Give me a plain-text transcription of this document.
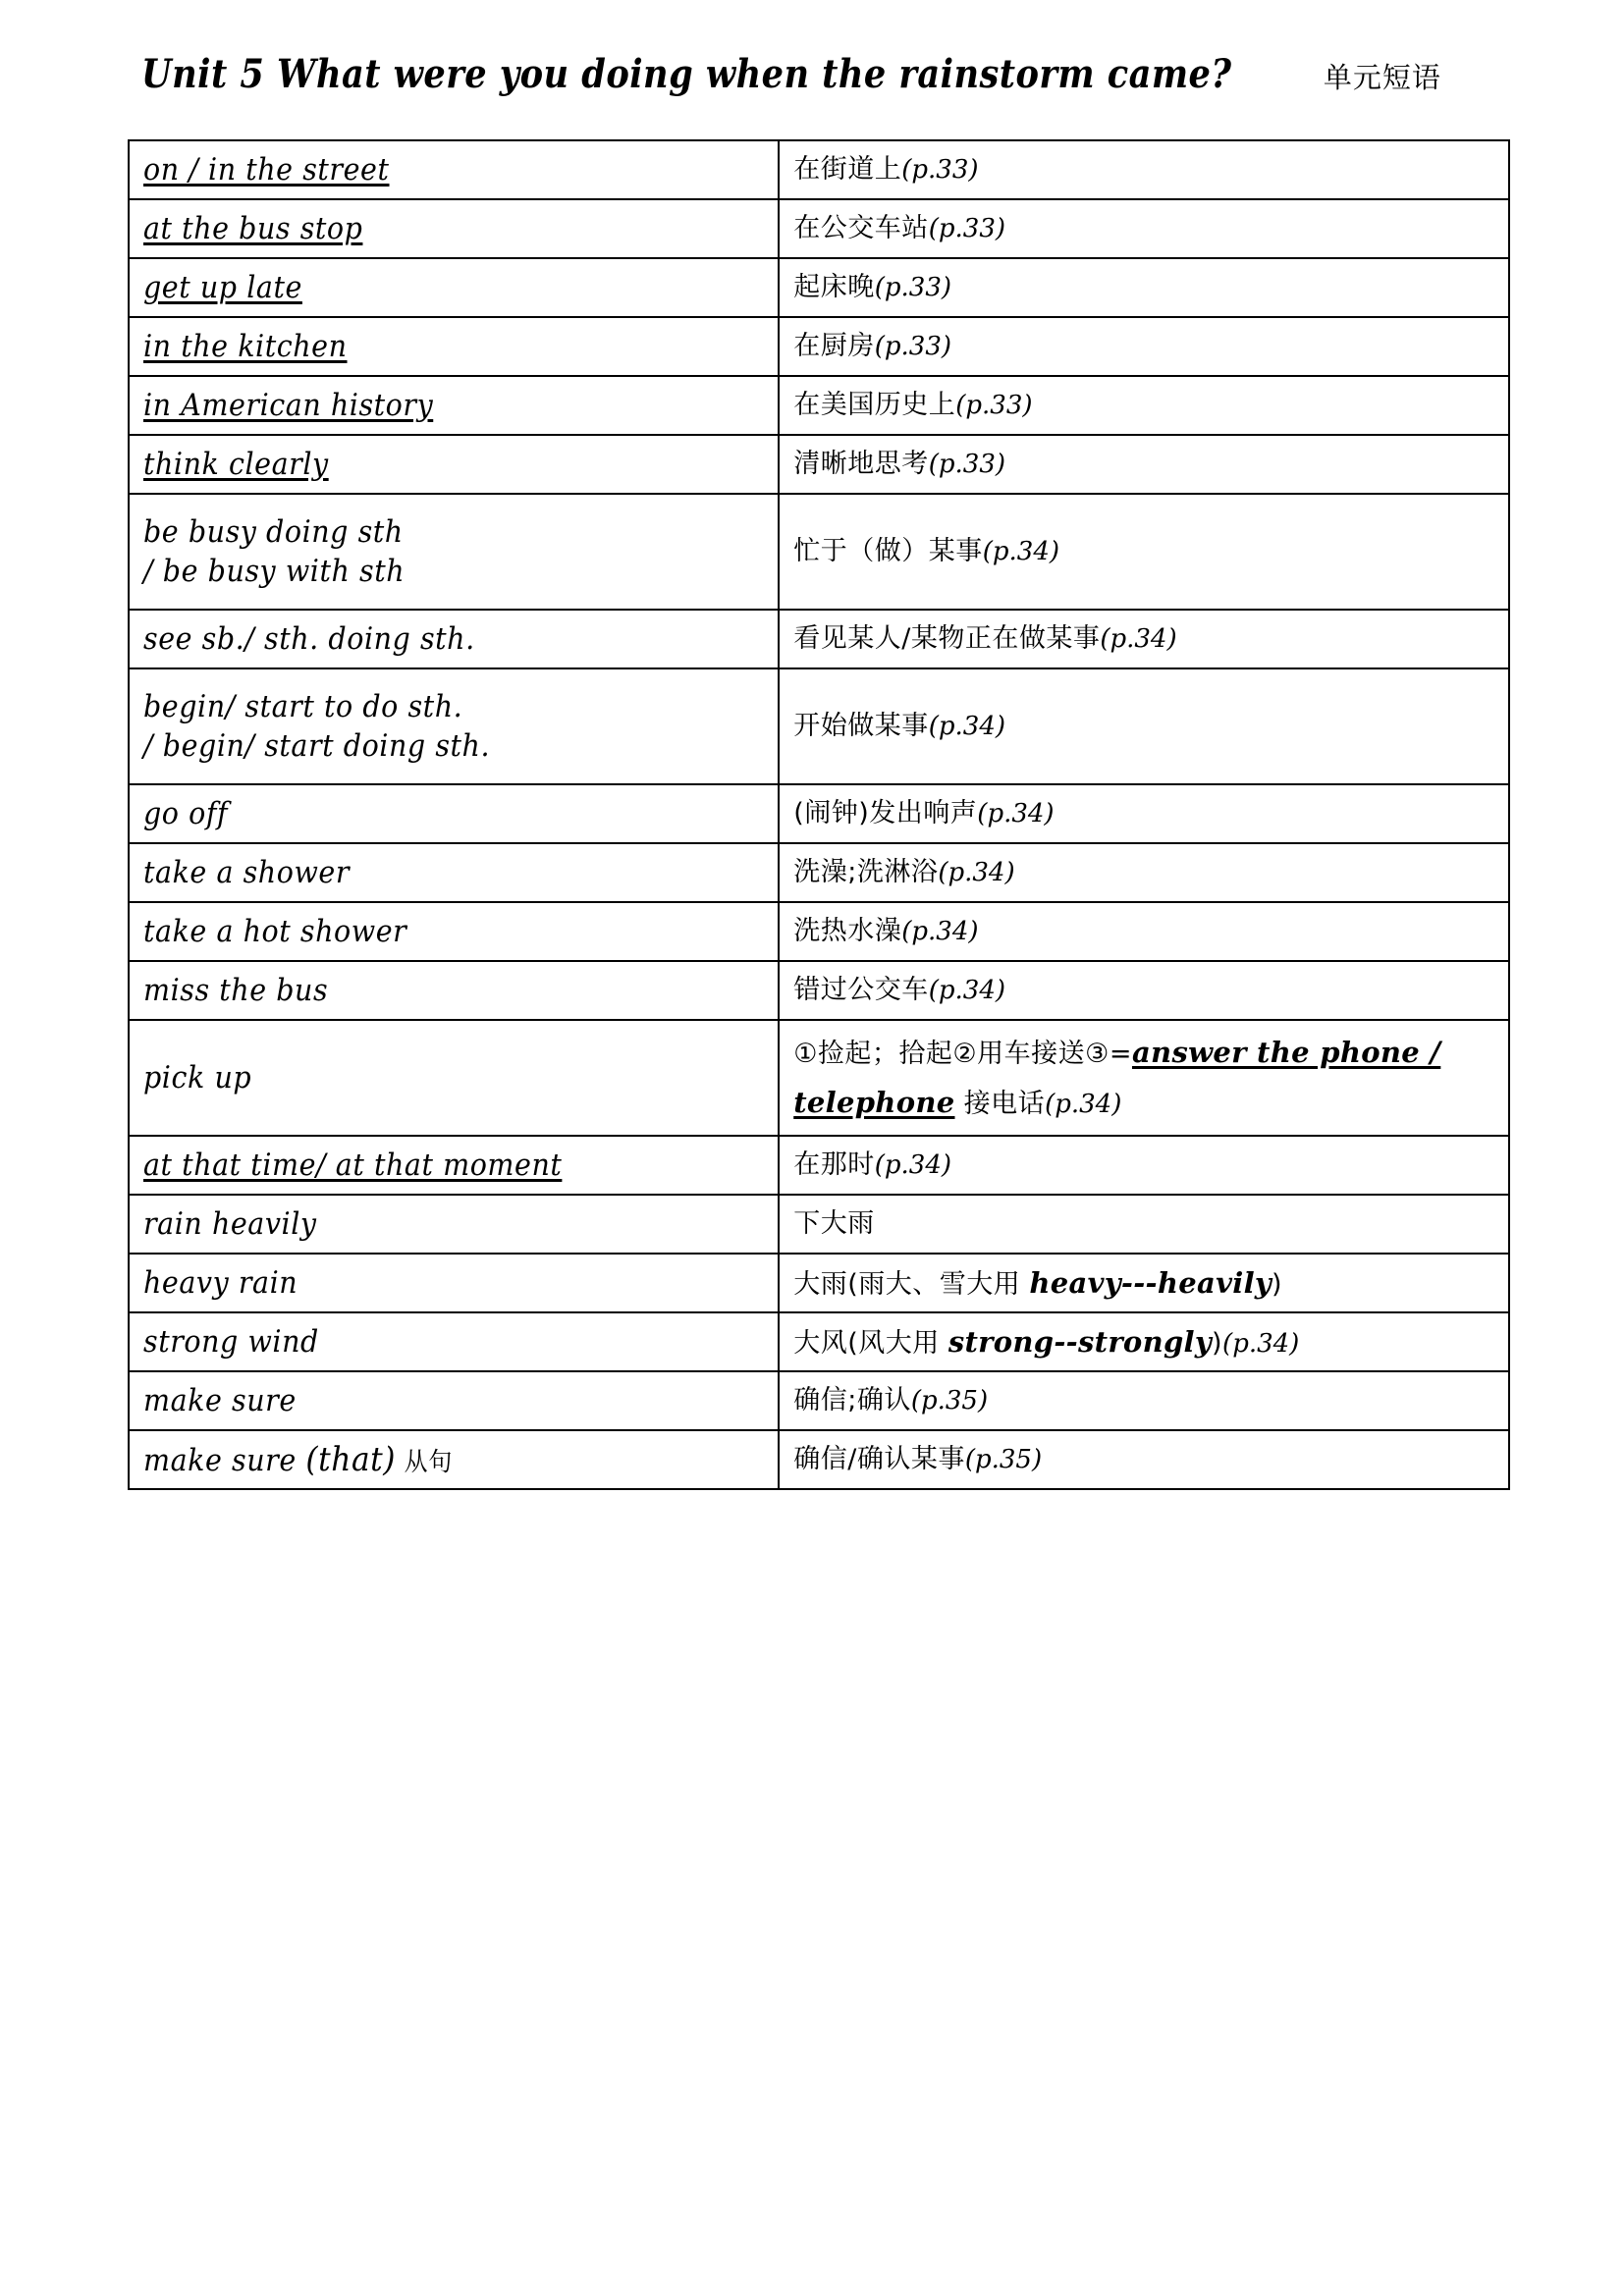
Unit 5 What were you doing when the rainstorm came?	单元短语
on / in the street	在街道上(p.33)

at the bus stop	在公交车站(p.33)

get up late	起床晚(p.33)

in the kitchen	在厨房(p.33)

in American history	在美国历史上(p.33)

think clearly	清晰地思考(p.33)

be busy doing sth
/ be busy with sth	忙于（做）某事(p.34)

see sb./ sth. doing sth.	看见某人/某物正在做某事(p.34)

begin/ start to do sth.
/ begin/ start doing sth.	开始做某事(p.34)

go off	(闹钟)发出响声(p.34)

take a shower	洗澡;洗淋浴(p.34)

take a hot shower	洗热水澡(p.34)

miss the bus	错过公交车(p.34)

pick up	①捡起；拾起②用车接送③=answer the phone / telephone 接电话(p.34)

at that time/ at that moment	在那时(p.34)

rain heavily	下大雨

heavy rain	大雨(雨大、雪大用 heavy---heavily)

strong wind	大风(风大用 strong--strongly)(p.34)

make sure	确信;确认(p.35)

make sure (that) 从句	确信/确认某事(p.35)
